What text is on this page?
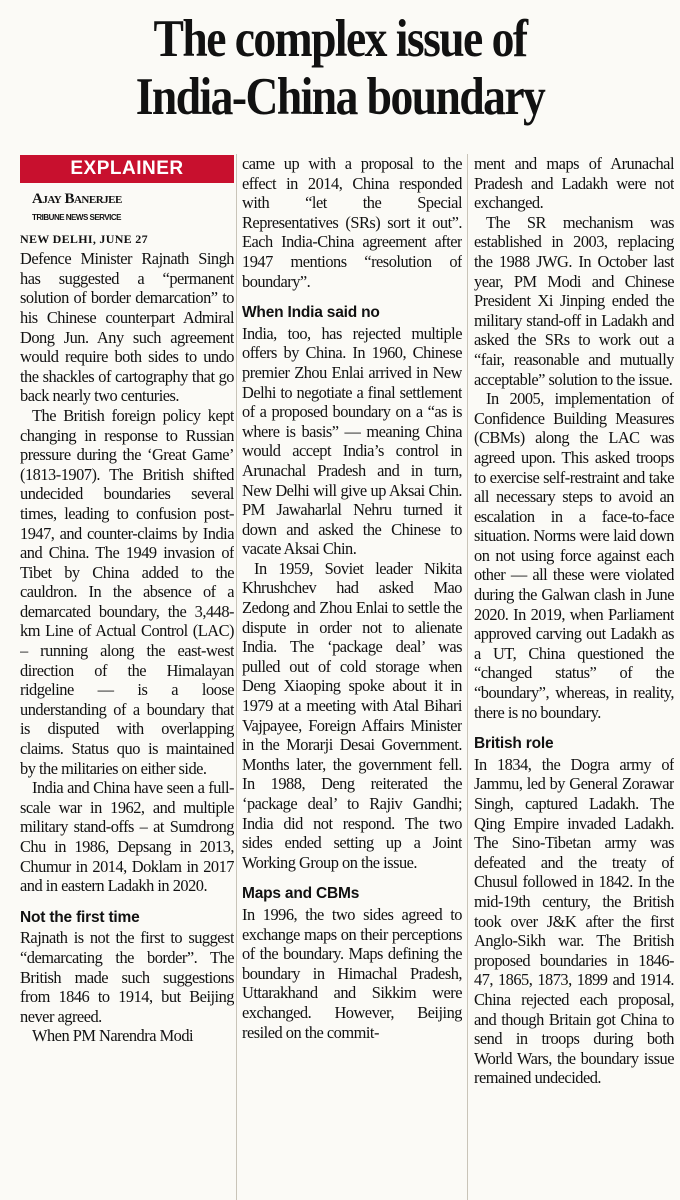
The complex issue of
India-China boundary
EXPLAINER

Ajay Banerjee

TRIBUNE NEWS SERVICE

NEW DELHI, JUNE 27
Defence Minister Rajnath Singh has suggested a “permanent solution of border demarcation” to his Chinese counterpart Admiral Dong Jun. Any such agreement would require both sides to undo the shackles of cartography that go back nearly two centuries.

The British foreign policy kept changing in response to Russian pressure during the ‘Great Game’ (1813-1907). The British shifted undecided boundaries several times, leading to confusion post-1947, and counter-claims by India and China. The 1949 invasion of Tibet by China added to the cauldron. In the absence of a demarcated boundary, the 3,448-km Line of Actual Control (LAC) – running along the east-west direction of the Himalayan ridgeline — is a loose understanding of a boundary that is disputed with overlapping claims. Status quo is maintained by the militaries on either side.

India and China have seen a full-scale war in 1962, and multiple military stand-offs – at Sumdrong Chu in 1986, Depsang in 2013, Chumur in 2014, Doklam in 2017 and in eastern Ladakh in 2020.

Not the first time

Rajnath is not the first to suggest “demarcating the border”. The British made such suggestions from 1846 to 1914, but Beijing never agreed.

When PM Narendra Modi

came up with a proposal to the effect in 2014, China responded with “let the Special Representatives (SRs) sort it out”. Each India-China agreement after 1947 mentions “resolution of boundary”.

When India said no

India, too, has rejected multiple offers by China. In 1960, Chinese premier Zhou Enlai arrived in New Delhi to negotiate a final settlement of a proposed boundary on a “as is where is basis” — meaning China would accept India’s control in Arunachal Pradesh and in turn, New Delhi will give up Aksai Chin. PM Jawaharlal Nehru turned it down and asked the Chinese to vacate Aksai Chin.

In 1959, Soviet leader Nikita Khrushchev had asked Mao Zedong and Zhou Enlai to settle the dispute in order not to alienate India. The ‘package deal’ was pulled out of cold storage when Deng Xiaoping spoke about it in 1979 at a meeting with Atal Bihari Vajpayee, Foreign Affairs Minister in the Morarji Desai Government. Months later, the government fell. In 1988, Deng reiterated the ‘package deal’ to Rajiv Gandhi; India did not respond. The two sides ended setting up a Joint Working Group on the issue.

Maps and CBMs

In 1996, the two sides agreed to exchange maps on their perceptions of the boundary. Maps defining the boundary in Himachal Pradesh, Uttarakhand and Sikkim were exchanged. However, Beijing resiled on the commit-

ment and maps of Arunachal Pradesh and Ladakh were not exchanged.

The SR mechanism was established in 2003, replacing the 1988 JWG. In October last year, PM Modi and Chinese President Xi Jinping ended the military stand-off in Ladakh and asked the SRs to work out a “fair, reasonable and mutually acceptable” solution to the issue.

In 2005, implementation of Confidence Building Measures (CBMs) along the LAC was agreed upon. This asked troops to exercise self-restraint and take all necessary steps to avoid an escalation in a face-to-face situation. Norms were laid down on not using force against each other — all these were violated during the Galwan clash in June 2020. In 2019, when Parliament approved carving out Ladakh as a UT, China questioned the “changed status” of the “boundary”, whereas, in reality, there is no boundary.

British role

In 1834, the Dogra army of Jammu, led by General Zorawar Singh, captured Ladakh. The Qing Empire invaded Ladakh. The Sino-Tibetan army was defeated and the treaty of Chusul followed in 1842. In the mid-19th century, the British took over J&K after the first Anglo-Sikh war. The British proposed boundaries in 1846-47, 1865, 1873, 1899 and 1914. China rejected each proposal, and though Britain got China to send in troops during both World Wars, the boundary issue remained undecided.
